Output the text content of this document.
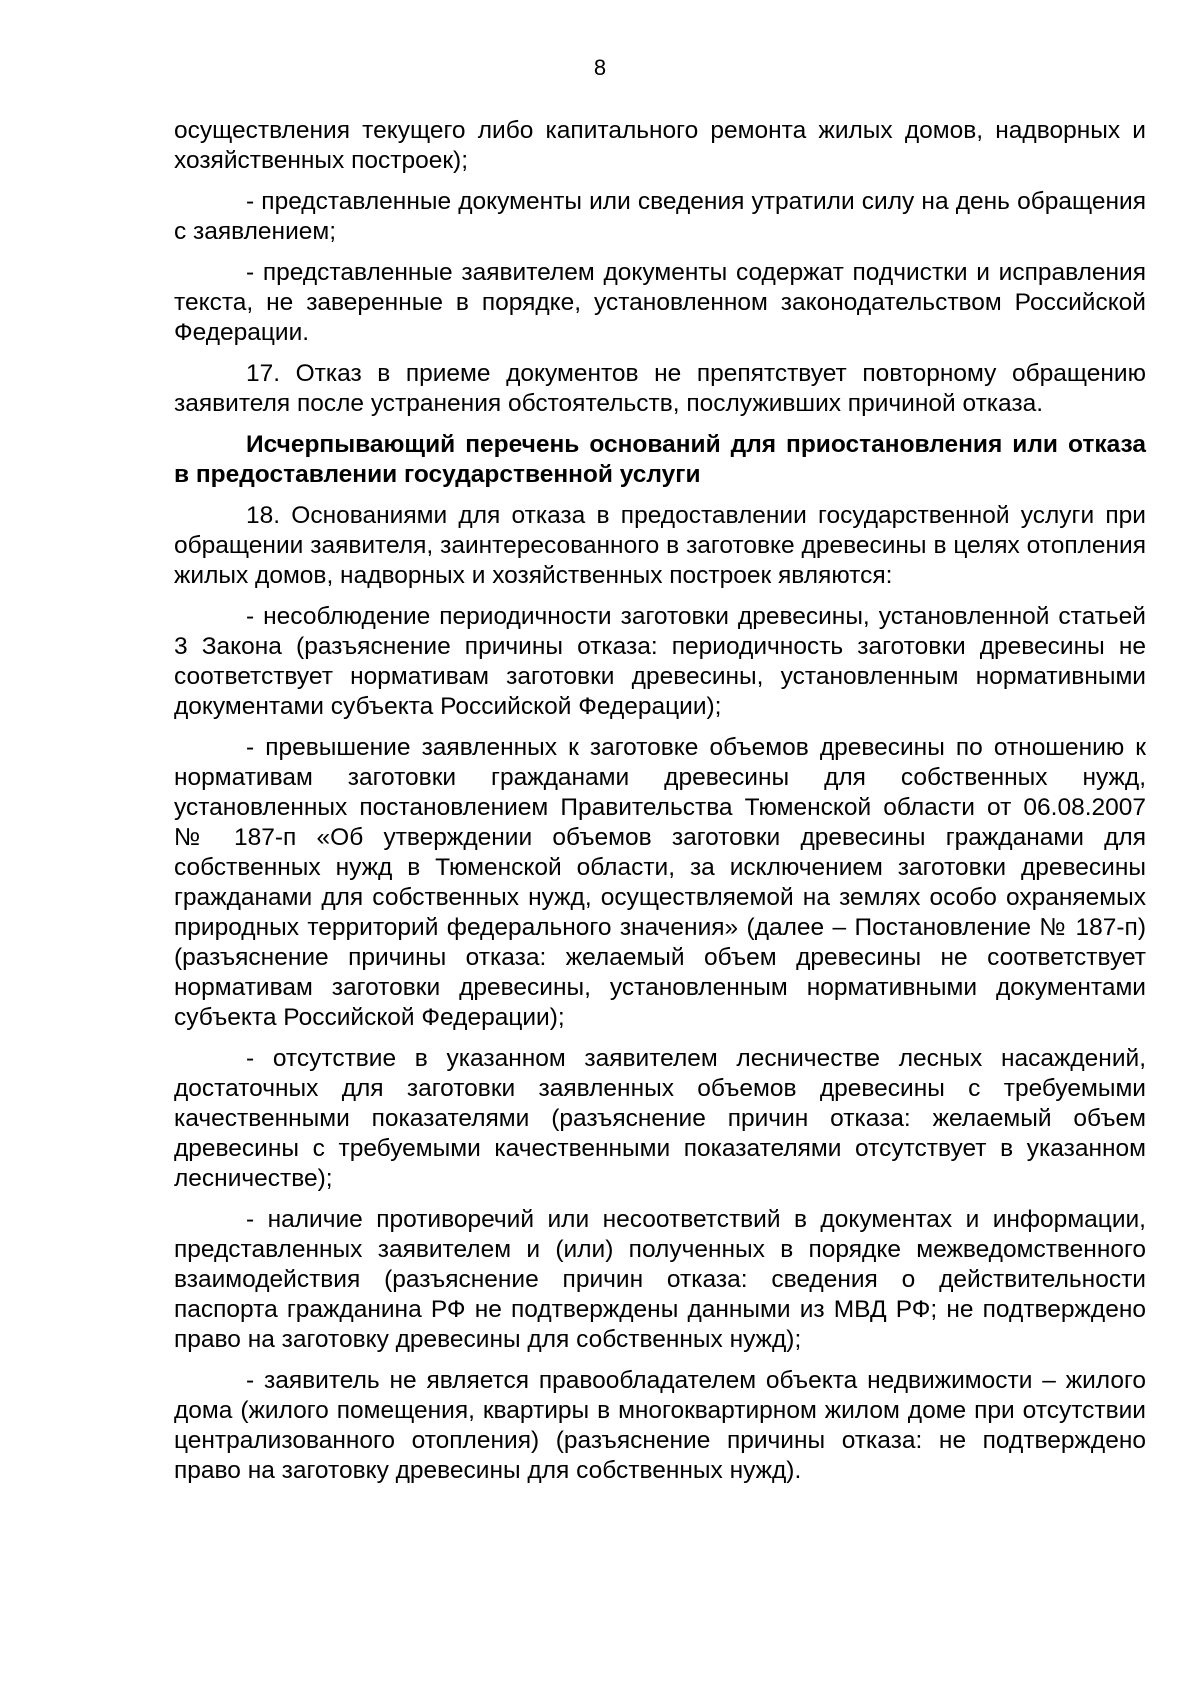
8

осуществления текущего либо капитального ремонта жилых домов, надворных и хозяйственных построек);

- представленные документы или сведения утратили силу на день обращения с заявлением;

- представленные заявителем документы содержат подчистки и исправления текста, не заверенные в порядке, установленном законодательством Российской Федерации.

17. Отказ в приеме документов не препятствует повторному обращению заявителя после устранения обстоятельств, послуживших причиной отказа.

Исчерпывающий перечень оснований для приостановления или отказа в предоставлении государственной услуги

18. Основаниями для отказа в предоставлении государственной услуги при обращении заявителя, заинтересованного в заготовке древесины в целях отопления жилых домов, надворных и хозяйственных построек являются:

- несоблюдение периодичности заготовки древесины, установленной статьей 3 Закона (разъяснение причины отказа: периодичность заготовки древесины не соответствует нормативам заготовки древесины, установленным нормативными документами субъекта Российской Федерации);

- превышение заявленных к заготовке объемов древесины по отношению к нормативам заготовки гражданами древесины для собственных нужд, установленных постановлением Правительства Тюменской области от 06.08.2007 № 187-п «Об утверждении объемов заготовки древесины гражданами для собственных нужд в Тюменской области, за исключением заготовки древесины гражданами для собственных нужд, осуществляемой на землях особо охраняемых природных территорий федерального значения» (далее – Постановление № 187-п) (разъяснение причины отказа: желаемый объем древесины не соответствует нормативам заготовки древесины, установленным нормативными документами субъекта Российской Федерации);

- отсутствие в указанном заявителем лесничестве лесных насаждений, достаточных для заготовки заявленных объемов древесины с требуемыми качественными показателями (разъяснение причин отказа: желаемый объем древесины с требуемыми качественными показателями отсутствует в указанном лесничестве);

- наличие противоречий или несоответствий в документах и информации, представленных заявителем и (или) полученных в порядке межведомственного взаимодействия (разъяснение причин отказа: сведения о действительности паспорта гражданина РФ не подтверждены данными из МВД РФ; не подтверждено право на заготовку древесины для собственных нужд);

- заявитель не является правообладателем объекта недвижимости – жилого дома (жилого помещения, квартиры в многоквартирном жилом доме при отсутствии централизованного отопления) (разъяснение причины отказа: не подтверждено право на заготовку древесины для собственных нужд).
